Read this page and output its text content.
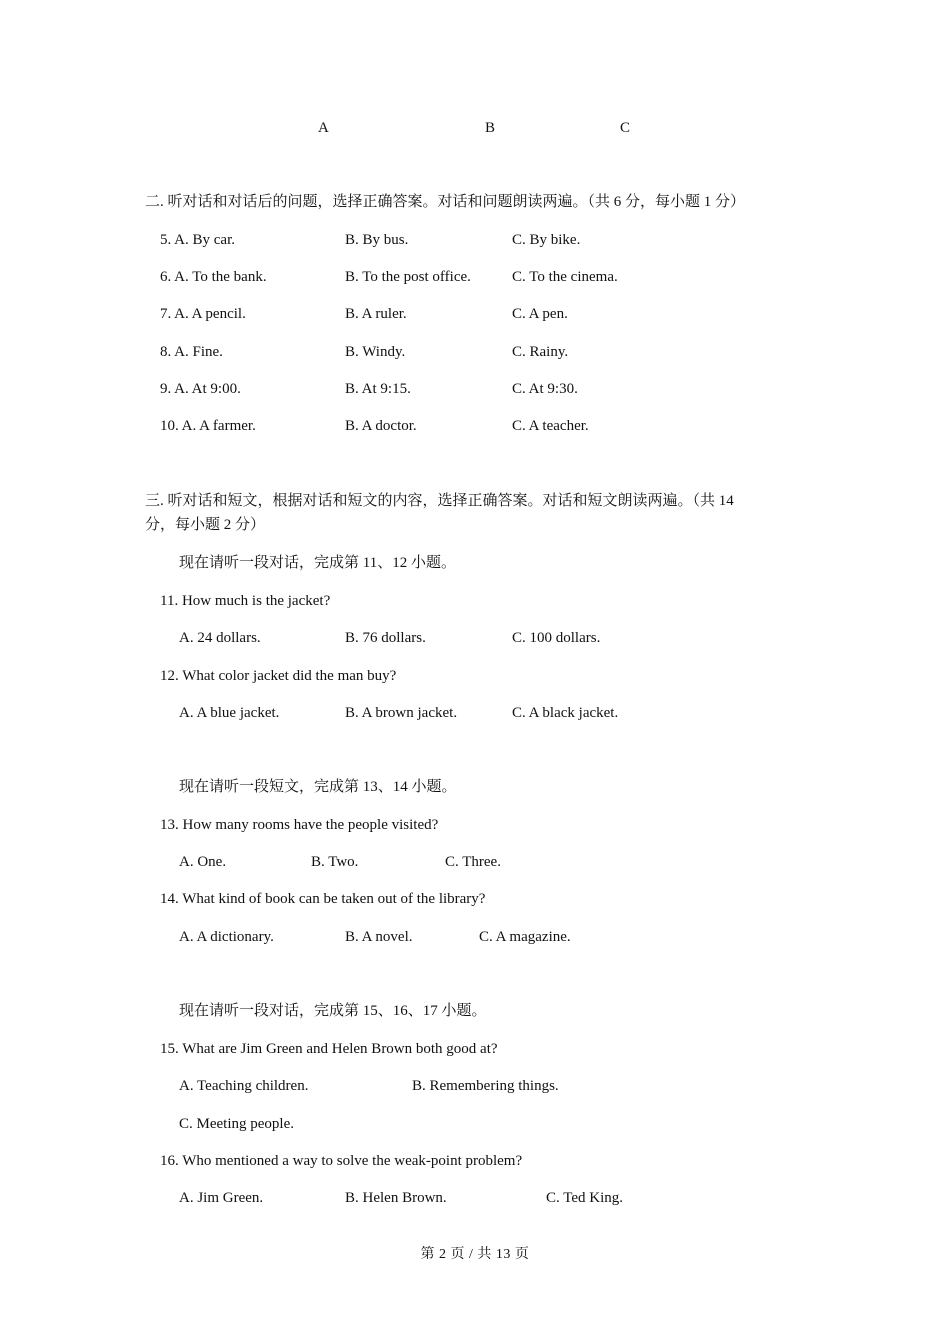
A	B	C
二. 听对话和对话后的问题，选择正确答案。对话和问题朗读两遍。（共 6 分，每小题 1 分）
5. A. By car.	B. By bus.	C. By bike.
6. A. To the bank.	B. To the post office.	C. To the cinema.
7. A. A pencil.	B. A ruler.	C. A pen.
8. A. Fine.	B. Windy.	C. Rainy.
9. A. At 9:00.	B. At 9:15.	C. At 9:30.
10. A. A farmer.	B. A doctor.	C. A teacher.
三. 听对话和短文，根据对话和短文的内容，选择正确答案。对话和短文朗读两遍。（共 14
分，每小题 2 分）
现在请听一段对话，完成第 11、12 小题。
11. How much is the jacket?
A. 24 dollars.	B. 76 dollars.	C. 100 dollars.
12. What color jacket did the man buy?
A. A blue jacket.	B. A brown jacket.	C. A black jacket.
现在请听一段短文，完成第 13、14 小题。
13. How many rooms have the people visited?
A. One.	B. Two.	C. Three.
14. What kind of book can be taken out of the library?
A. A dictionary.	B. A novel.	C. A magazine.
现在请听一段对话，完成第 15、16、17 小题。
15. What are Jim Green and Helen Brown both good at?
A. Teaching children.	B. Remembering things.
C. Meeting people.
16. Who mentioned a way to solve the weak-point problem?
A. Jim Green.	B. Helen Brown.	C. Ted King.
第 2 页 / 共 13 页
